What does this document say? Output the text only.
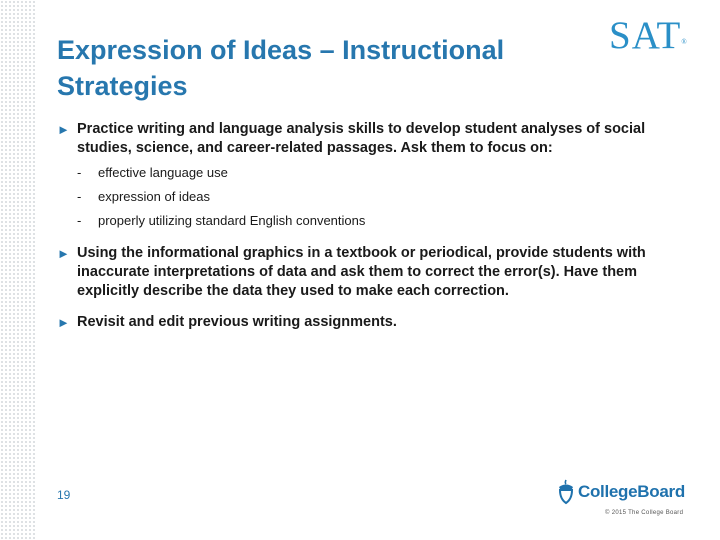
Expression of Ideas – Instructional Strategies
SAT®
► Practice writing and language analysis skills to develop student analyses of social studies, science, and career-related passages. Ask them to focus on:
- effective language use
- expression of ideas
- properly utilizing standard English conventions
► Using the informational graphics in a textbook or periodical, provide students with inaccurate interpretations of data and ask them to correct the error(s). Have them explicitly describe the data they used to make each correction.
► Revisit and edit previous writing assignments.
19	CollegeBoard
© 2015 The College Board
